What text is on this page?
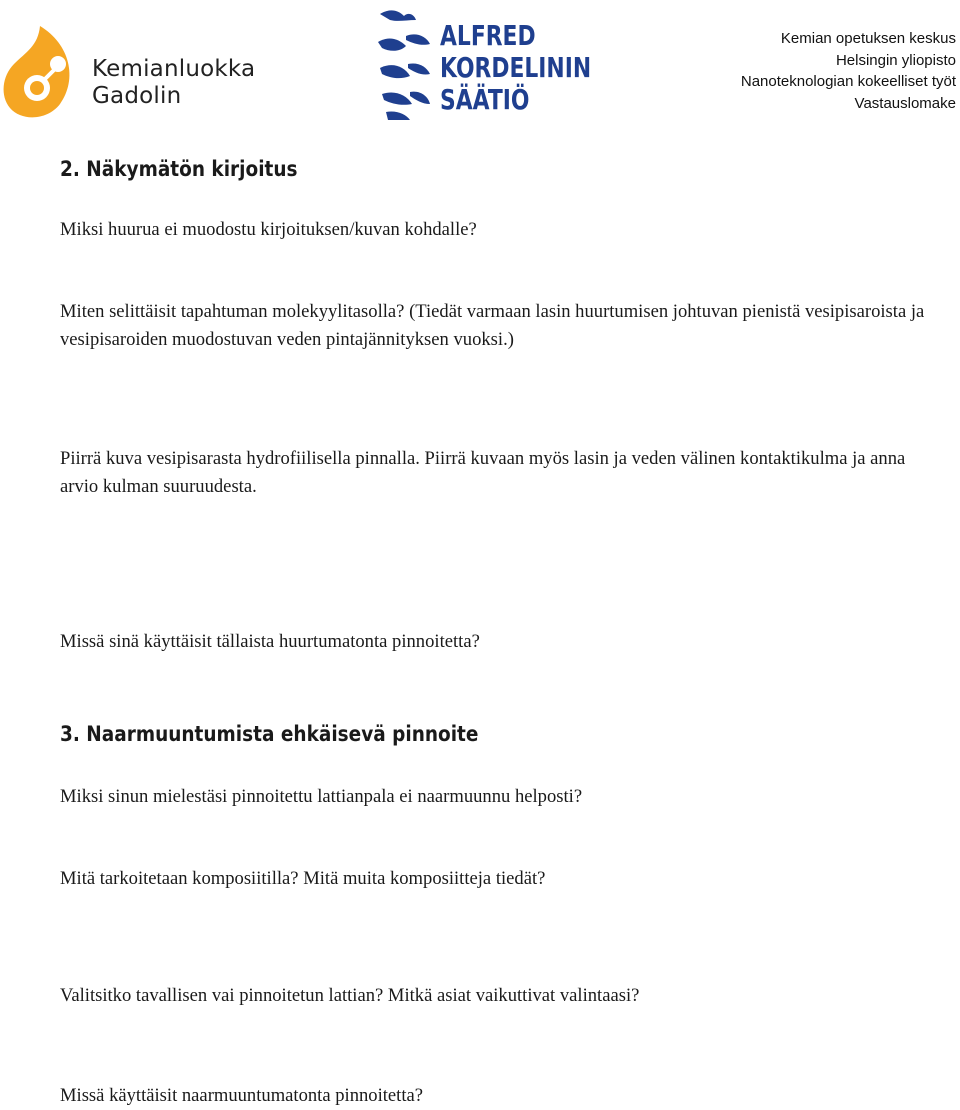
Kemianluokka
Gadolin
ALFRED
KORDELININ
SÄÄTIÖ
Kemian opetuksen keskus
Helsingin yliopisto
Nanoteknologian kokeelliset työt
Vastauslomake
2. Näkymätön kirjoitus
Miksi huurua ei muodostu kirjoituksen/kuvan kohdalle?
Miten selittäisit tapahtuman molekyylitasolla? (Tiedät varmaan lasin huurtumisen johtuvan pienistä vesipisaroista ja vesipisaroiden muodostuvan veden pintajännityksen vuoksi.)
Piirrä kuva vesipisarasta hydrofiilisella pinnalla. Piirrä kuvaan myös lasin ja veden välinen kontaktikulma ja anna arvio kulman suuruudesta.
Missä sinä käyttäisit tällaista huurtumatonta pinnoitetta?
3. Naarmuuntumista ehkäisevä pinnoite
Miksi sinun mielestäsi pinnoitettu lattianpala ei naarmuunnu helposti?
Mitä tarkoitetaan komposiitilla? Mitä muita komposiitteja tiedät?
Valitsitko tavallisen vai pinnoitetun lattian? Mitkä asiat vaikuttivat valintaasi?
Missä käyttäisit naarmuuntumatonta pinnoitetta?
